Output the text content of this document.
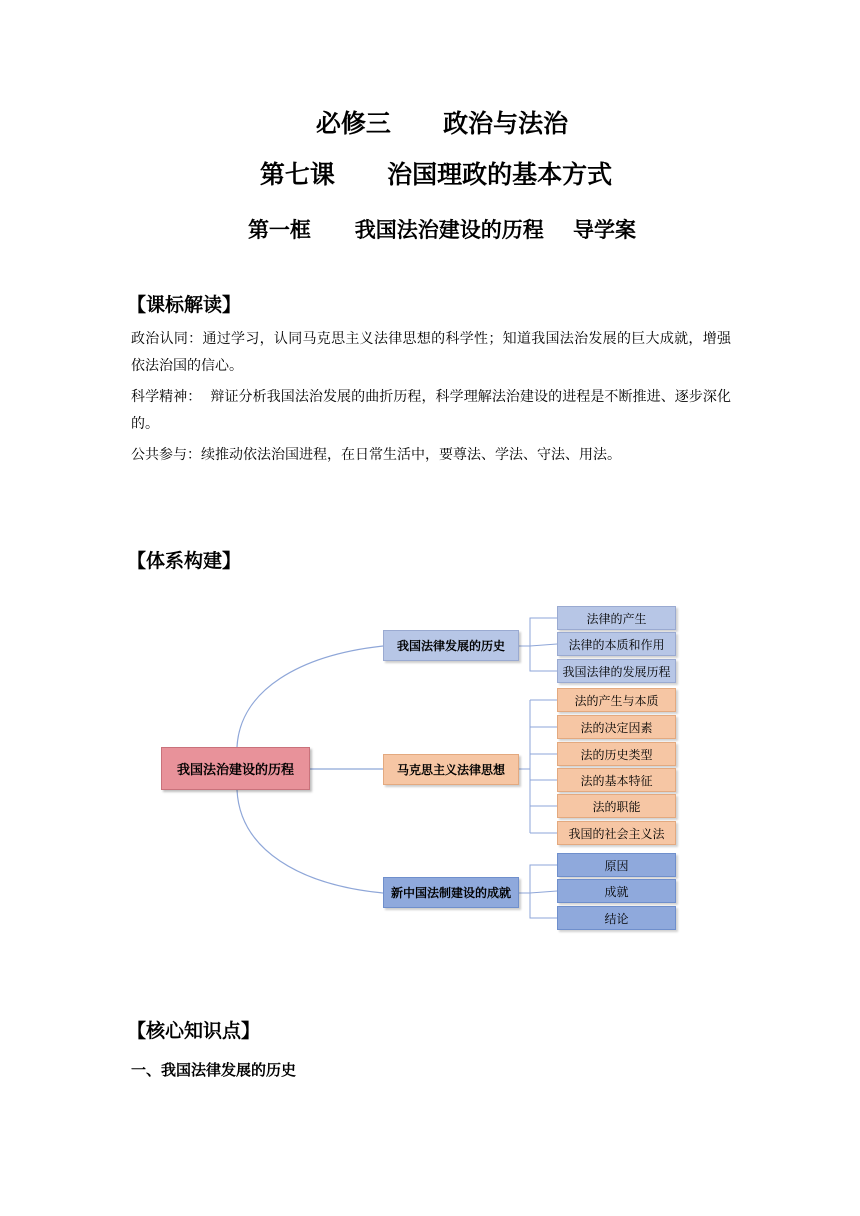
必修三      政治与法治
第七课      治国理政的基本方式
第一框      我国法治建设的历程    导学案
【课标解读】
政治认同：通过学习，认同马克思主义法律思想的科学性；知道我国法治发展的巨大成就，增强依法治国的信心。
科学精神：  辩证分析我国法治发展的曲折历程，科学理解法治建设的进程是不断推进、逐步深化的。
公共参与：续推动依法治国进程，在日常生活中，要尊法、学法、守法、用法。
【体系构建】
我国法治建设的历程
我国法律发展的历史
马克思主义法律思想
新中国法制建设的成就
法律的产生
法律的本质和作用
我国法律的发展历程
法的产生与本质
法的决定因素
法的历史类型
法的基本特征
法的职能
我国的社会主义法
原因
成就
结论
【核心知识点】
一、我国法律发展的历史
